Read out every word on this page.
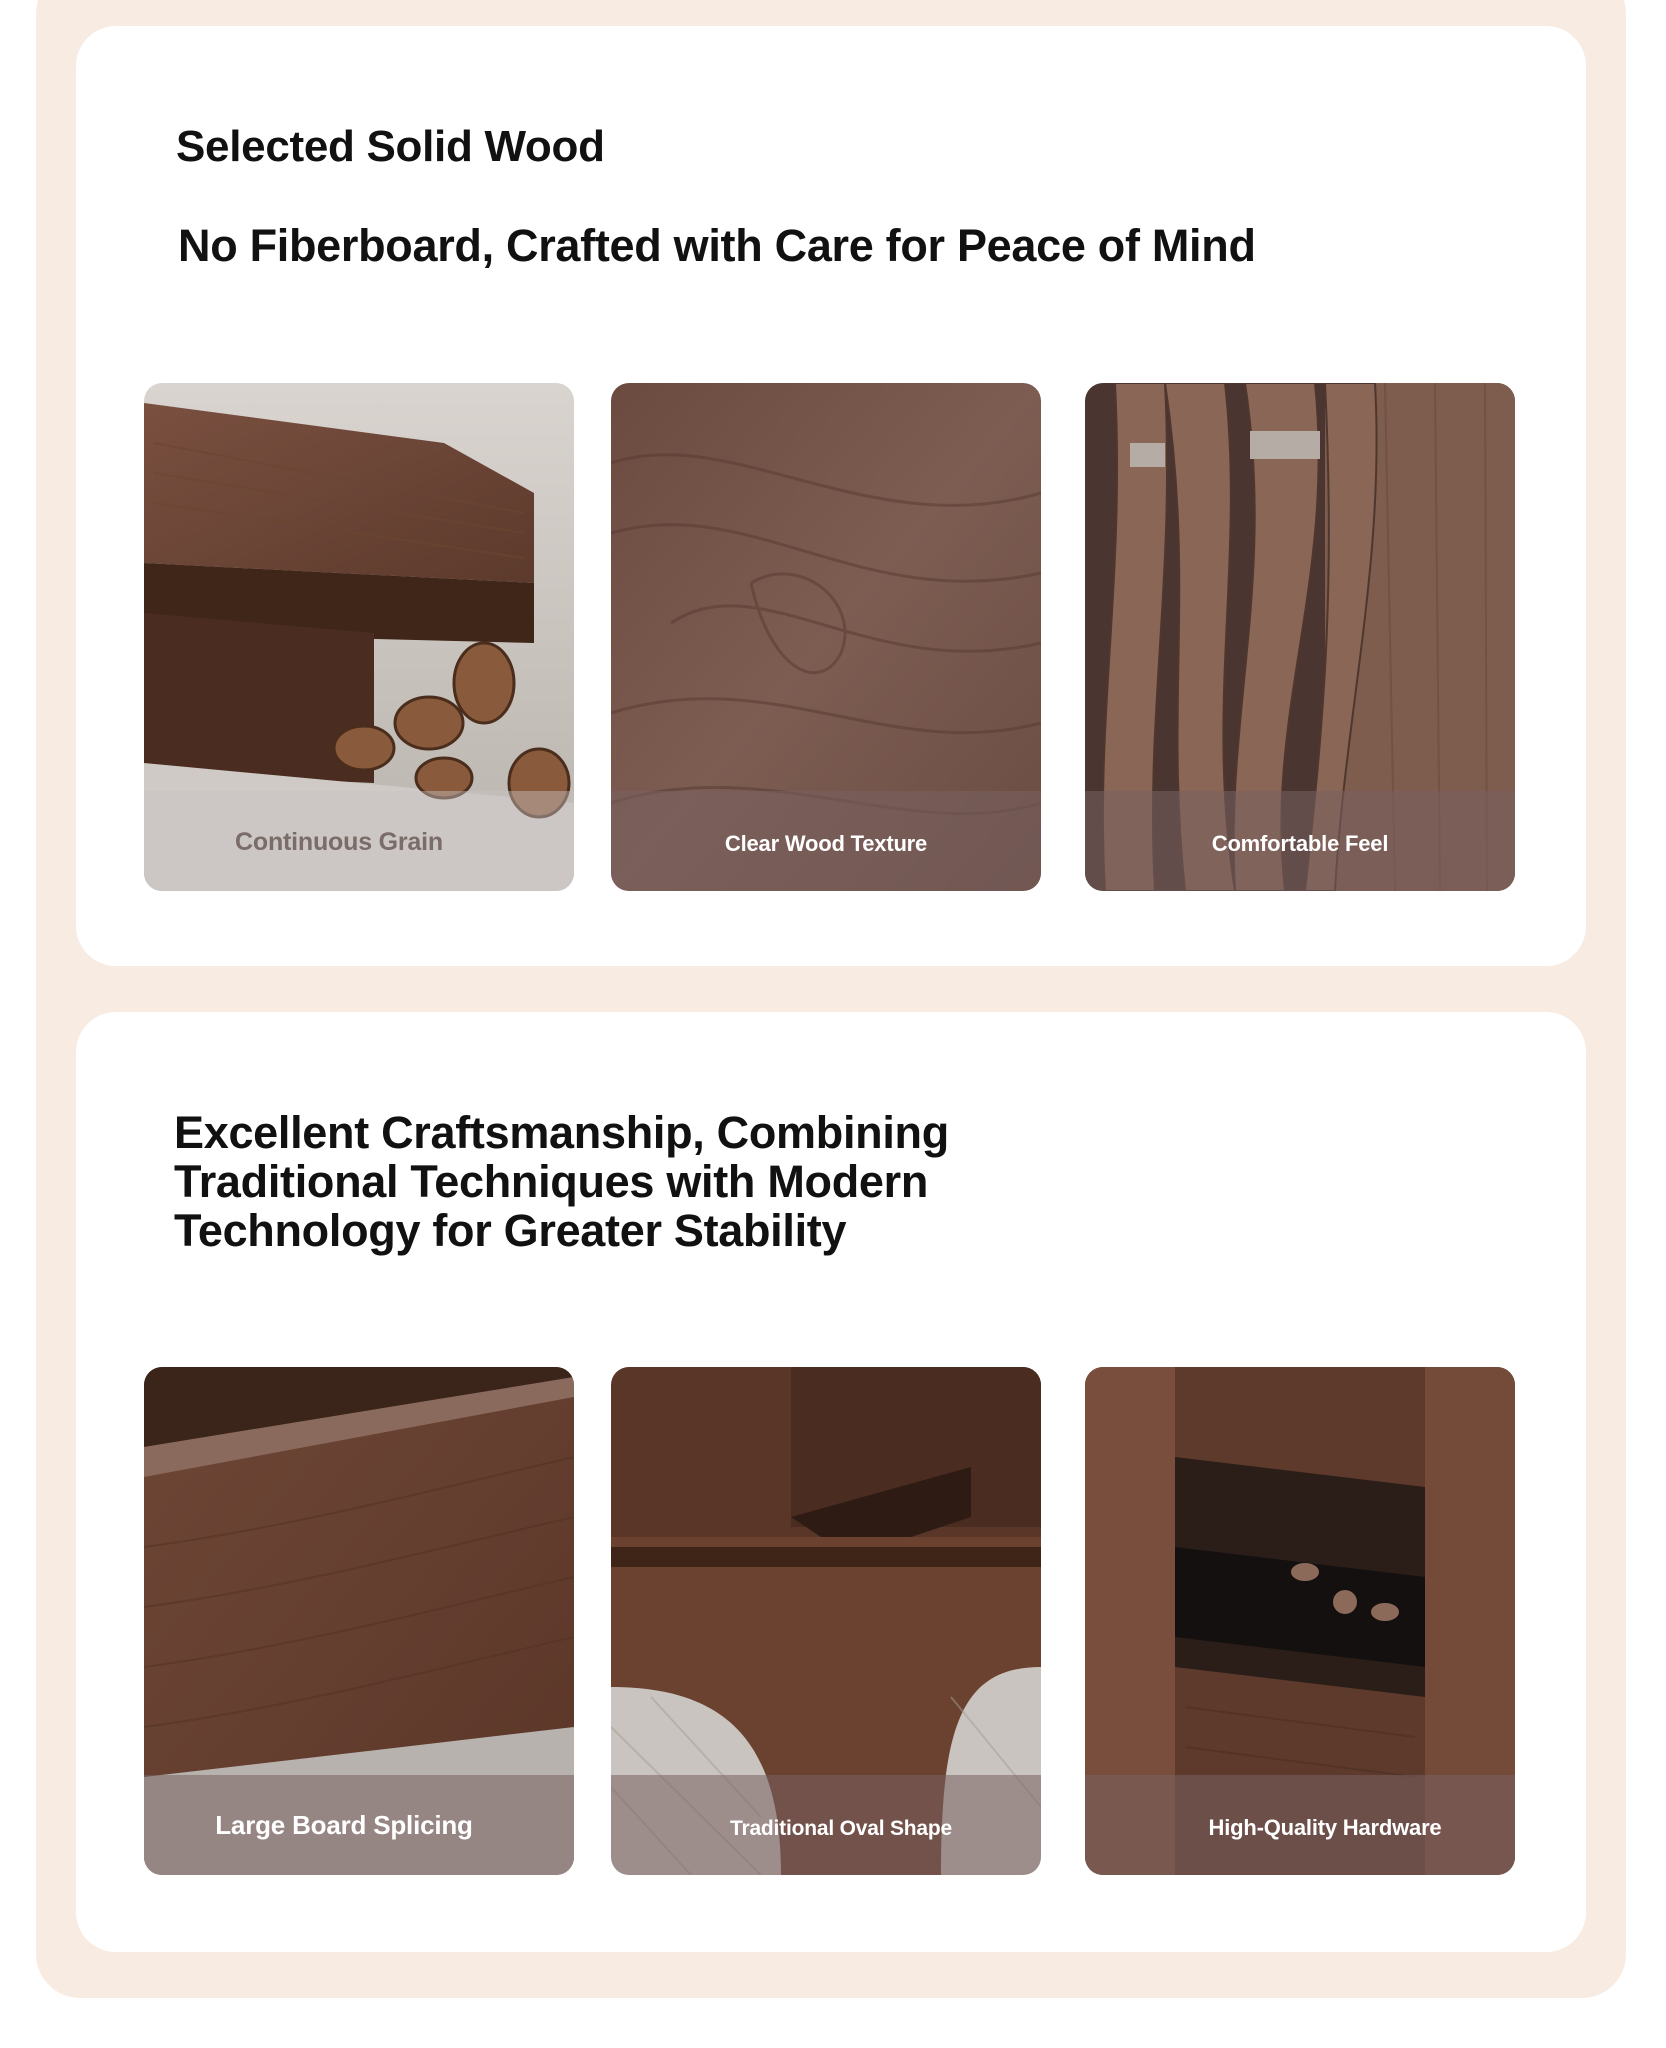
Selected Solid Wood
No Fiberboard, Crafted with Care for Peace of Mind
Excellent Craftsmanship, Combining
Traditional Techniques with Modern
Technology for Greater Stability
Continuous Grain	Clear Wood Texture	Comfortable Feel
Large Board Splicing	Traditional Oval Shape	High-Quality Hardware
